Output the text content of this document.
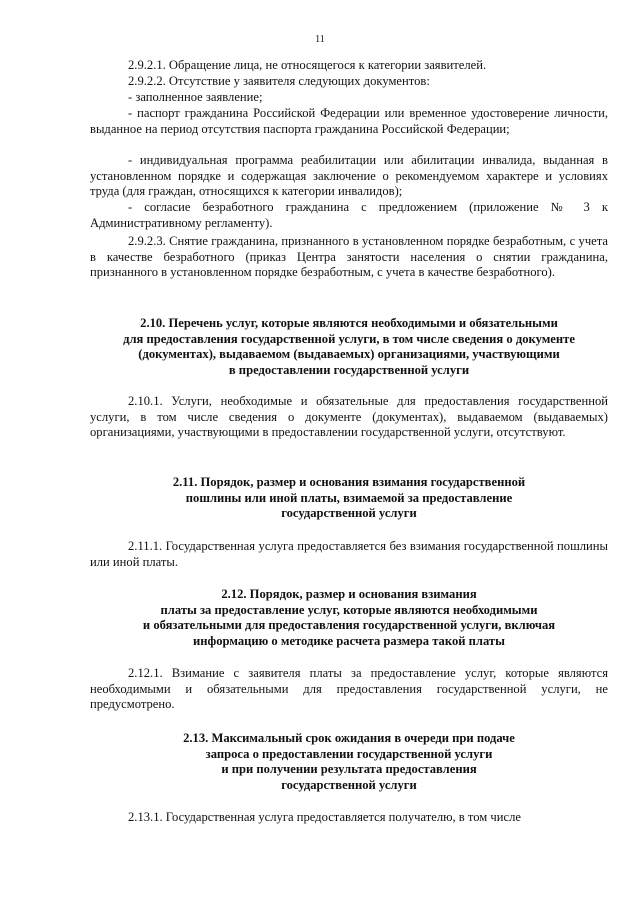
11

2.9.2.1. Обращение лица, не относящегося к категории заявителей.

2.9.2.2. Отсутствие у заявителя следующих документов:

- заполненное заявление;

- паспорт гражданина Российской Федерации или временное удостоверение личности, выданное на период отсутствия паспорта гражданина Российской Федерации;

- индивидуальная программа реабилитации или абилитации инвалида, выданная в установленном порядке и содержащая заключение о рекомендуемом характере и условиях труда (для граждан, относящихся к категории инвалидов);

- согласие безработного гражданина с предложением (приложение № 3 к Административному регламенту).

2.9.2.3. Снятие гражданина, признанного в установленном порядке безработным, с учета в качестве безработного (приказ Центра занятости населения о снятии гражданина, признанного в установленном порядке безработным, с учета в качестве безработного).

2.10. Перечень услуг, которые являются необходимыми и обязательными
для предоставления государственной услуги, в том числе сведения о документе
(документах), выдаваемом (выдаваемых) организациями, участвующими
в предоставлении государственной услуги

2.10.1. Услуги, необходимые и обязательные для предоставления государственной услуги, в том числе сведения о документе (документах), выдаваемом (выдаваемых) организациями, участвующими в предоставлении государственной услуги, отсутствуют.

2.11. Порядок, размер и основания взимания государственной
пошлины или иной платы, взимаемой за предоставление
государственной услуги

2.11.1. Государственная услуга предоставляется без взимания государственной пошлины или иной платы.

2.12. Порядок, размер и основания взимания
платы за предоставление услуг, которые являются необходимыми
и обязательными для предоставления государственной услуги, включая
информацию о методике расчета размера такой платы

2.12.1. Взимание с заявителя платы за предоставление услуг, которые являются необходимыми и обязательными для предоставления государственной услуги, не предусмотрено.

2.13. Максимальный срок ожидания в очереди при подаче
запроса о предоставлении государственной услуги
и при получении результата предоставления
государственной услуги

2.13.1. Государственная услуга предоставляется получателю, в том числе
